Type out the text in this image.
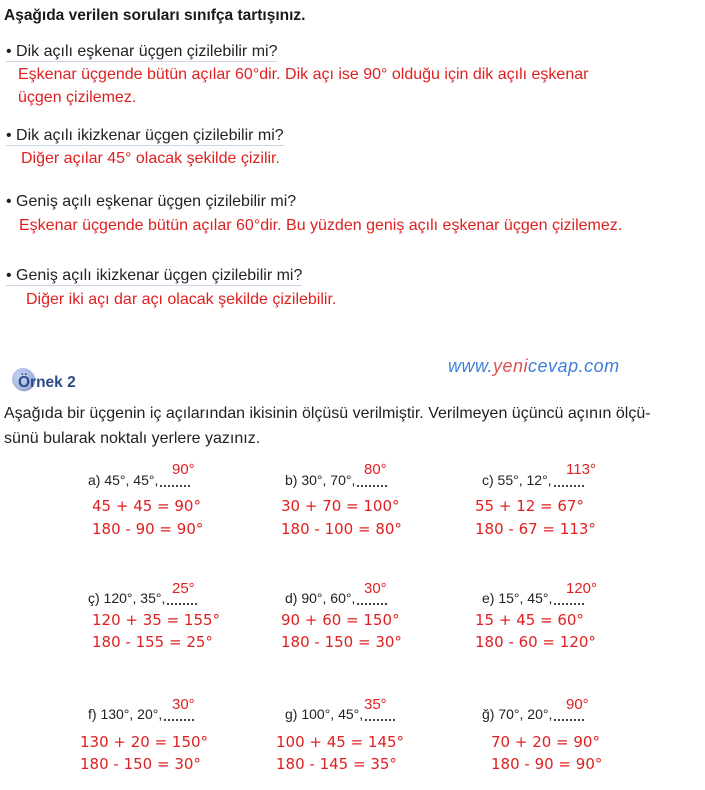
Aşağıda verilen soruları sınıfça tartışınız.
• Dik açılı eşkenar üçgen çizilebilir mi?
Eşkenar üçgende bütün açılar 60°dir. Dik açı ise 90° olduğu için dik açılı eşkenar
üçgen çizilemez.
• Dik açılı ikizkenar üçgen çizilebilir mi?
Diğer açılar 45° olacak şekilde çizilir.
• Geniş açılı eşkenar üçgen çizilebilir mi?
Eşkenar üçgende bütün açılar 60°dir. Bu yüzden geniş açılı eşkenar üçgen çizilemez.
• Geniş açılı ikizkenar üçgen çizilebilir mi?
Diğer iki açı dar açı olacak şekilde çizilebilir.
Örnek 2
www.yenicevap.com
Aşağıda bir üçgenin iç açılarından ikisinin ölçüsü verilmiştir. Verilmeyen üçüncü açının ölçü-
sünü bularak noktalı yerlere yazınız.
a) 45°, 45°,
90°
45 + 45 = 90°
180 - 90 = 90°
b) 30°, 70°,
80°
30 + 70 = 100°
180 - 100 = 80°
c) 55°, 12°,
113°
55 + 12 = 67°
180 - 67 = 113°
ç) 120°, 35°,
25°
120 + 35 = 155°
180 - 155 = 25°
d) 90°, 60°,
30°
90 + 60 = 150°
180 - 150 = 30°
e) 15°, 45°,
120°
15 + 45 = 60°
180 - 60 = 120°
f) 130°, 20°,
30°
130 + 20 = 150°
180 - 150 = 30°
g) 100°, 45°,
35°
100 + 45 = 145°
180 - 145 = 35°
ğ) 70°, 20°,
90°
70 + 20 = 90°
180 - 90 = 90°
